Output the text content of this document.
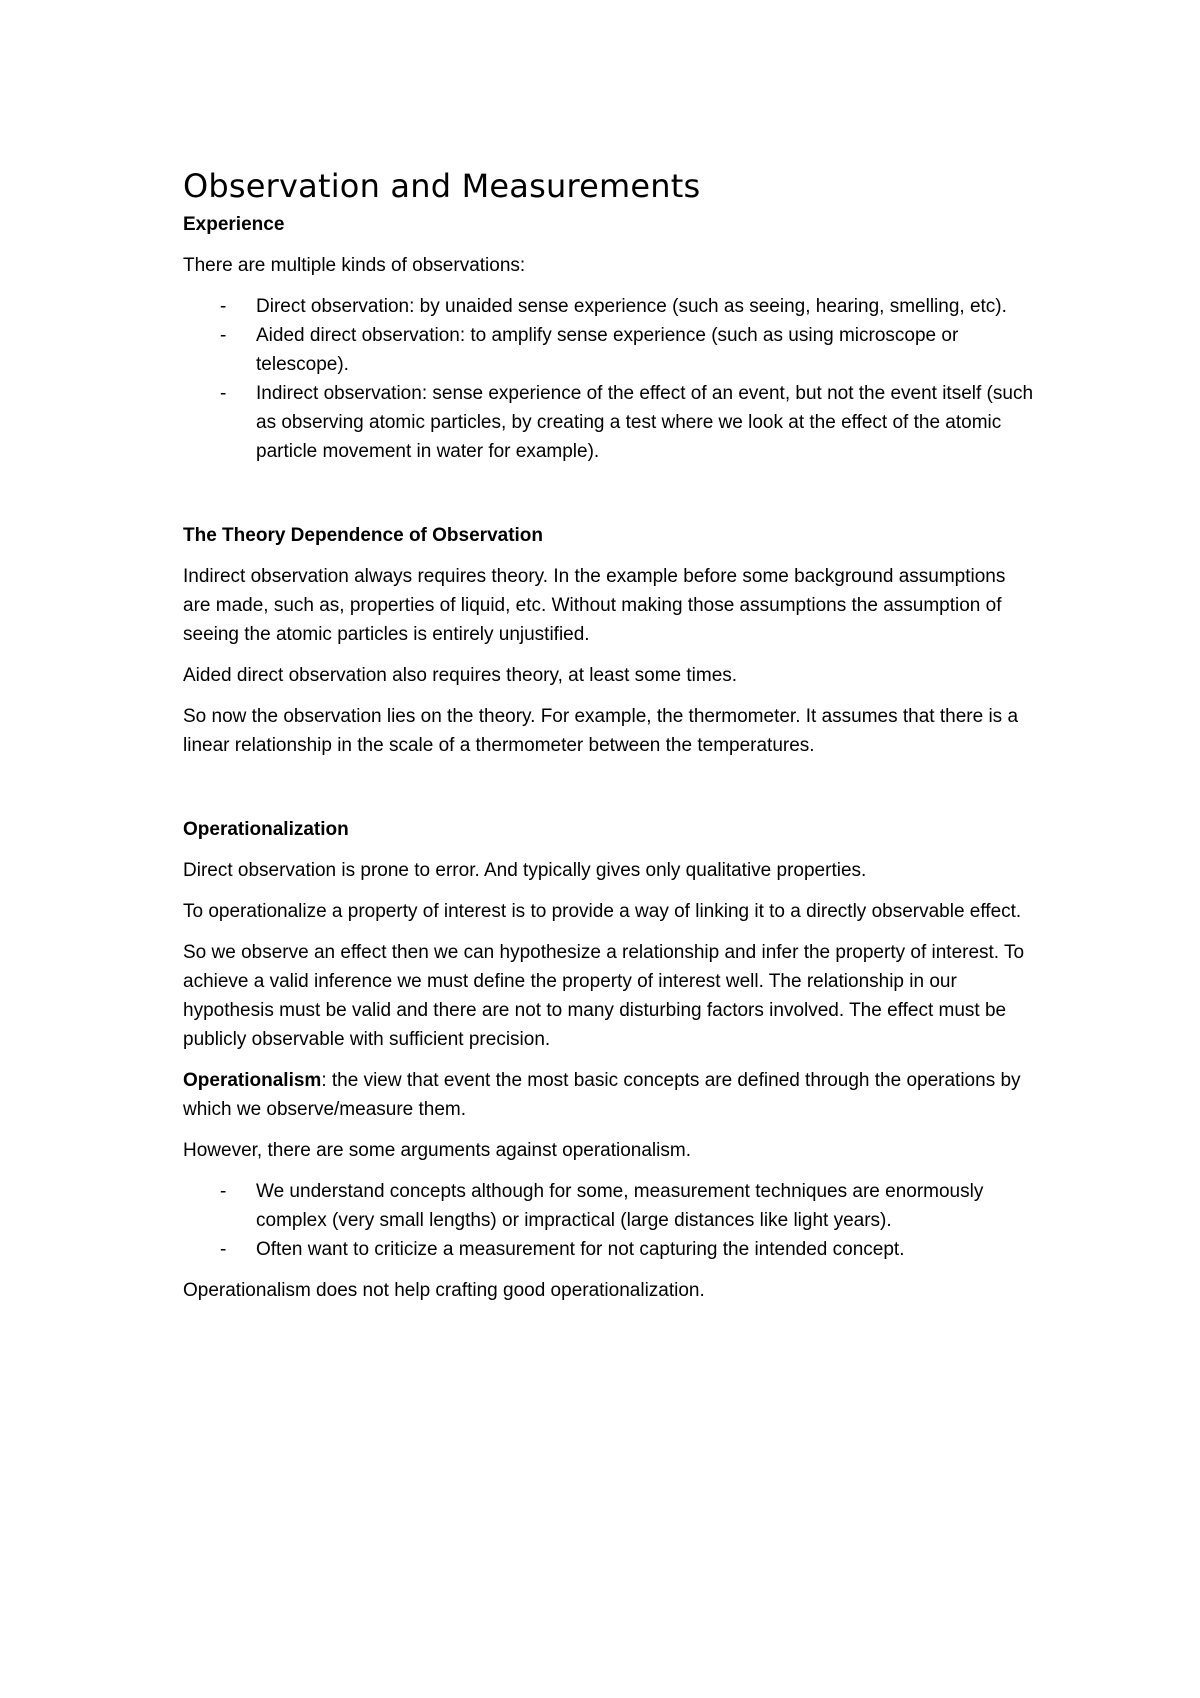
Observation and Measurements

Experience

There are multiple kinds of observations:

- Direct observation: by unaided sense experience (such as seeing, hearing, smelling, etc).
- Aided direct observation: to amplify sense experience (such as using microscope or telescope).
- Indirect observation: sense experience of the effect of an event, but not the event itself (such as observing atomic particles, by creating a test where we look at the effect of the atomic particle movement in water for example).

The Theory Dependence of Observation

Indirect observation always requires theory. In the example before some background assumptions are made, such as, properties of liquid, etc. Without making those assumptions the assumption of seeing the atomic particles is entirely unjustified.

Aided direct observation also requires theory, at least some times.

So now the observation lies on the theory. For example, the thermometer. It assumes that there is a linear relationship in the scale of a thermometer between the temperatures.

Operationalization

Direct observation is prone to error. And typically gives only qualitative properties.

To operationalize a property of interest is to provide a way of linking it to a directly observable effect.

So we observe an effect then we can hypothesize a relationship and infer the property of interest. To achieve a valid inference we must define the property of interest well. The relationship in our hypothesis must be valid and there are not to many disturbing factors involved. The effect must be publicly observable with sufficient precision.

Operationalism: the view that event the most basic concepts are defined through the operations by which we observe/measure them.

However, there are some arguments against operationalism.

- We understand concepts although for some, measurement techniques are enormously complex (very small lengths) or impractical (large distances like light years).
- Often want to criticize a measurement for not capturing the intended concept.

Operationalism does not help crafting good operationalization.
